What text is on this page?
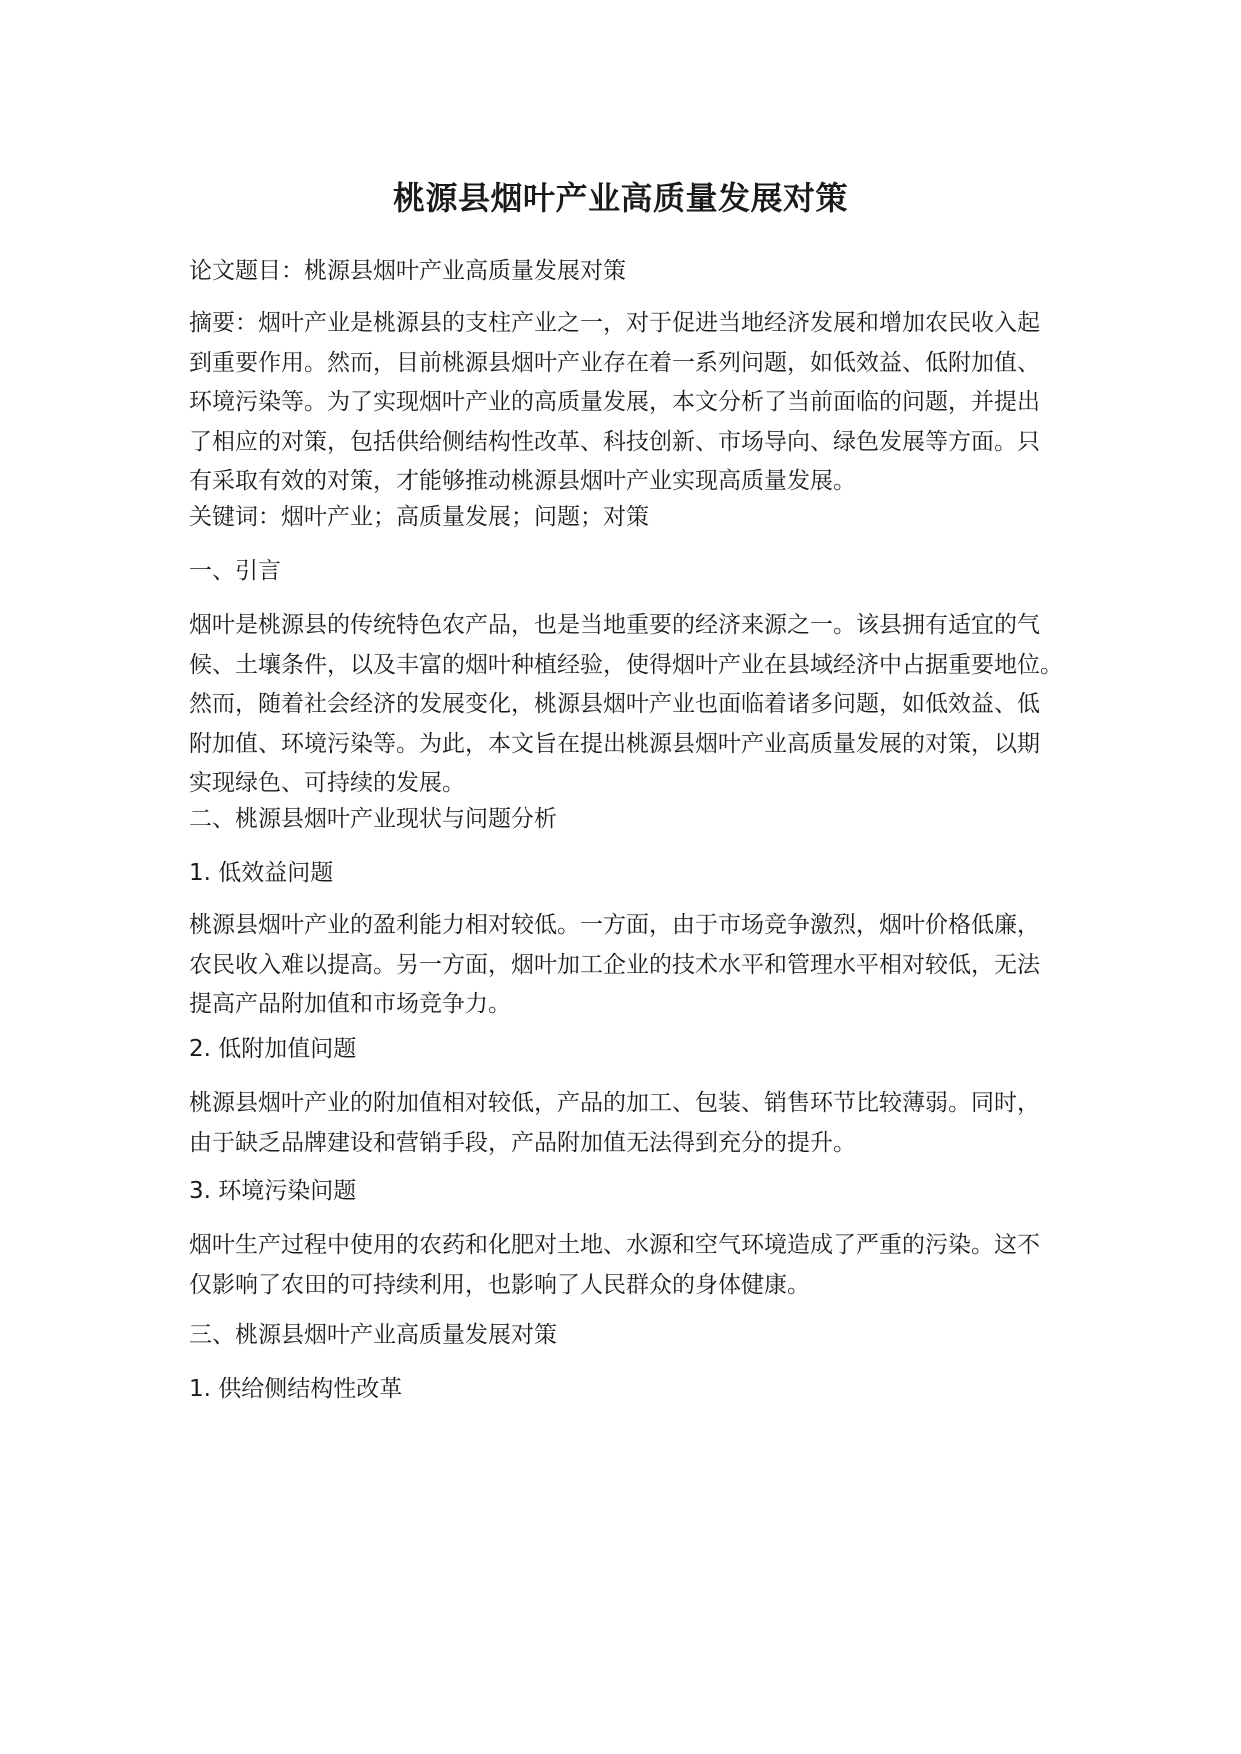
桃源县烟叶产业高质量发展对策

论文题目：桃源县烟叶产业高质量发展对策

摘要：烟叶产业是桃源县的支柱产业之一，对于促进当地经济发展和增加农民收入起
到重要作用。然而，目前桃源县烟叶产业存在着一系列问题，如低效益、低附加值、
环境污染等。为了实现烟叶产业的高质量发展，本文分析了当前面临的问题，并提出
了相应的对策，包括供给侧结构性改革、科技创新、市场导向、绿色发展等方面。只
有采取有效的对策，才能够推动桃源县烟叶产业实现高质量发展。

关键词：烟叶产业；高质量发展；问题；对策

一、引言

烟叶是桃源县的传统特色农产品，也是当地重要的经济来源之一。该县拥有适宜的气
候、土壤条件，以及丰富的烟叶种植经验，使得烟叶产业在县域经济中占据重要地位。
然而，随着社会经济的发展变化，桃源县烟叶产业也面临着诸多问题，如低效益、低
附加值、环境污染等。为此，本文旨在提出桃源县烟叶产业高质量发展的对策，以期
实现绿色、可持续的发展。

二、桃源县烟叶产业现状与问题分析

1. 低效益问题

桃源县烟叶产业的盈利能力相对较低。一方面，由于市场竞争激烈，烟叶价格低廉，
农民收入难以提高。另一方面，烟叶加工企业的技术水平和管理水平相对较低，无法
提高产品附加值和市场竞争力。

2. 低附加值问题

桃源县烟叶产业的附加值相对较低，产品的加工、包装、销售环节比较薄弱。同时，
由于缺乏品牌建设和营销手段，产品附加值无法得到充分的提升。

3. 环境污染问题

烟叶生产过程中使用的农药和化肥对土地、水源和空气环境造成了严重的污染。这不
仅影响了农田的可持续利用，也影响了人民群众的身体健康。

三、桃源县烟叶产业高质量发展对策

1. 供给侧结构性改革
